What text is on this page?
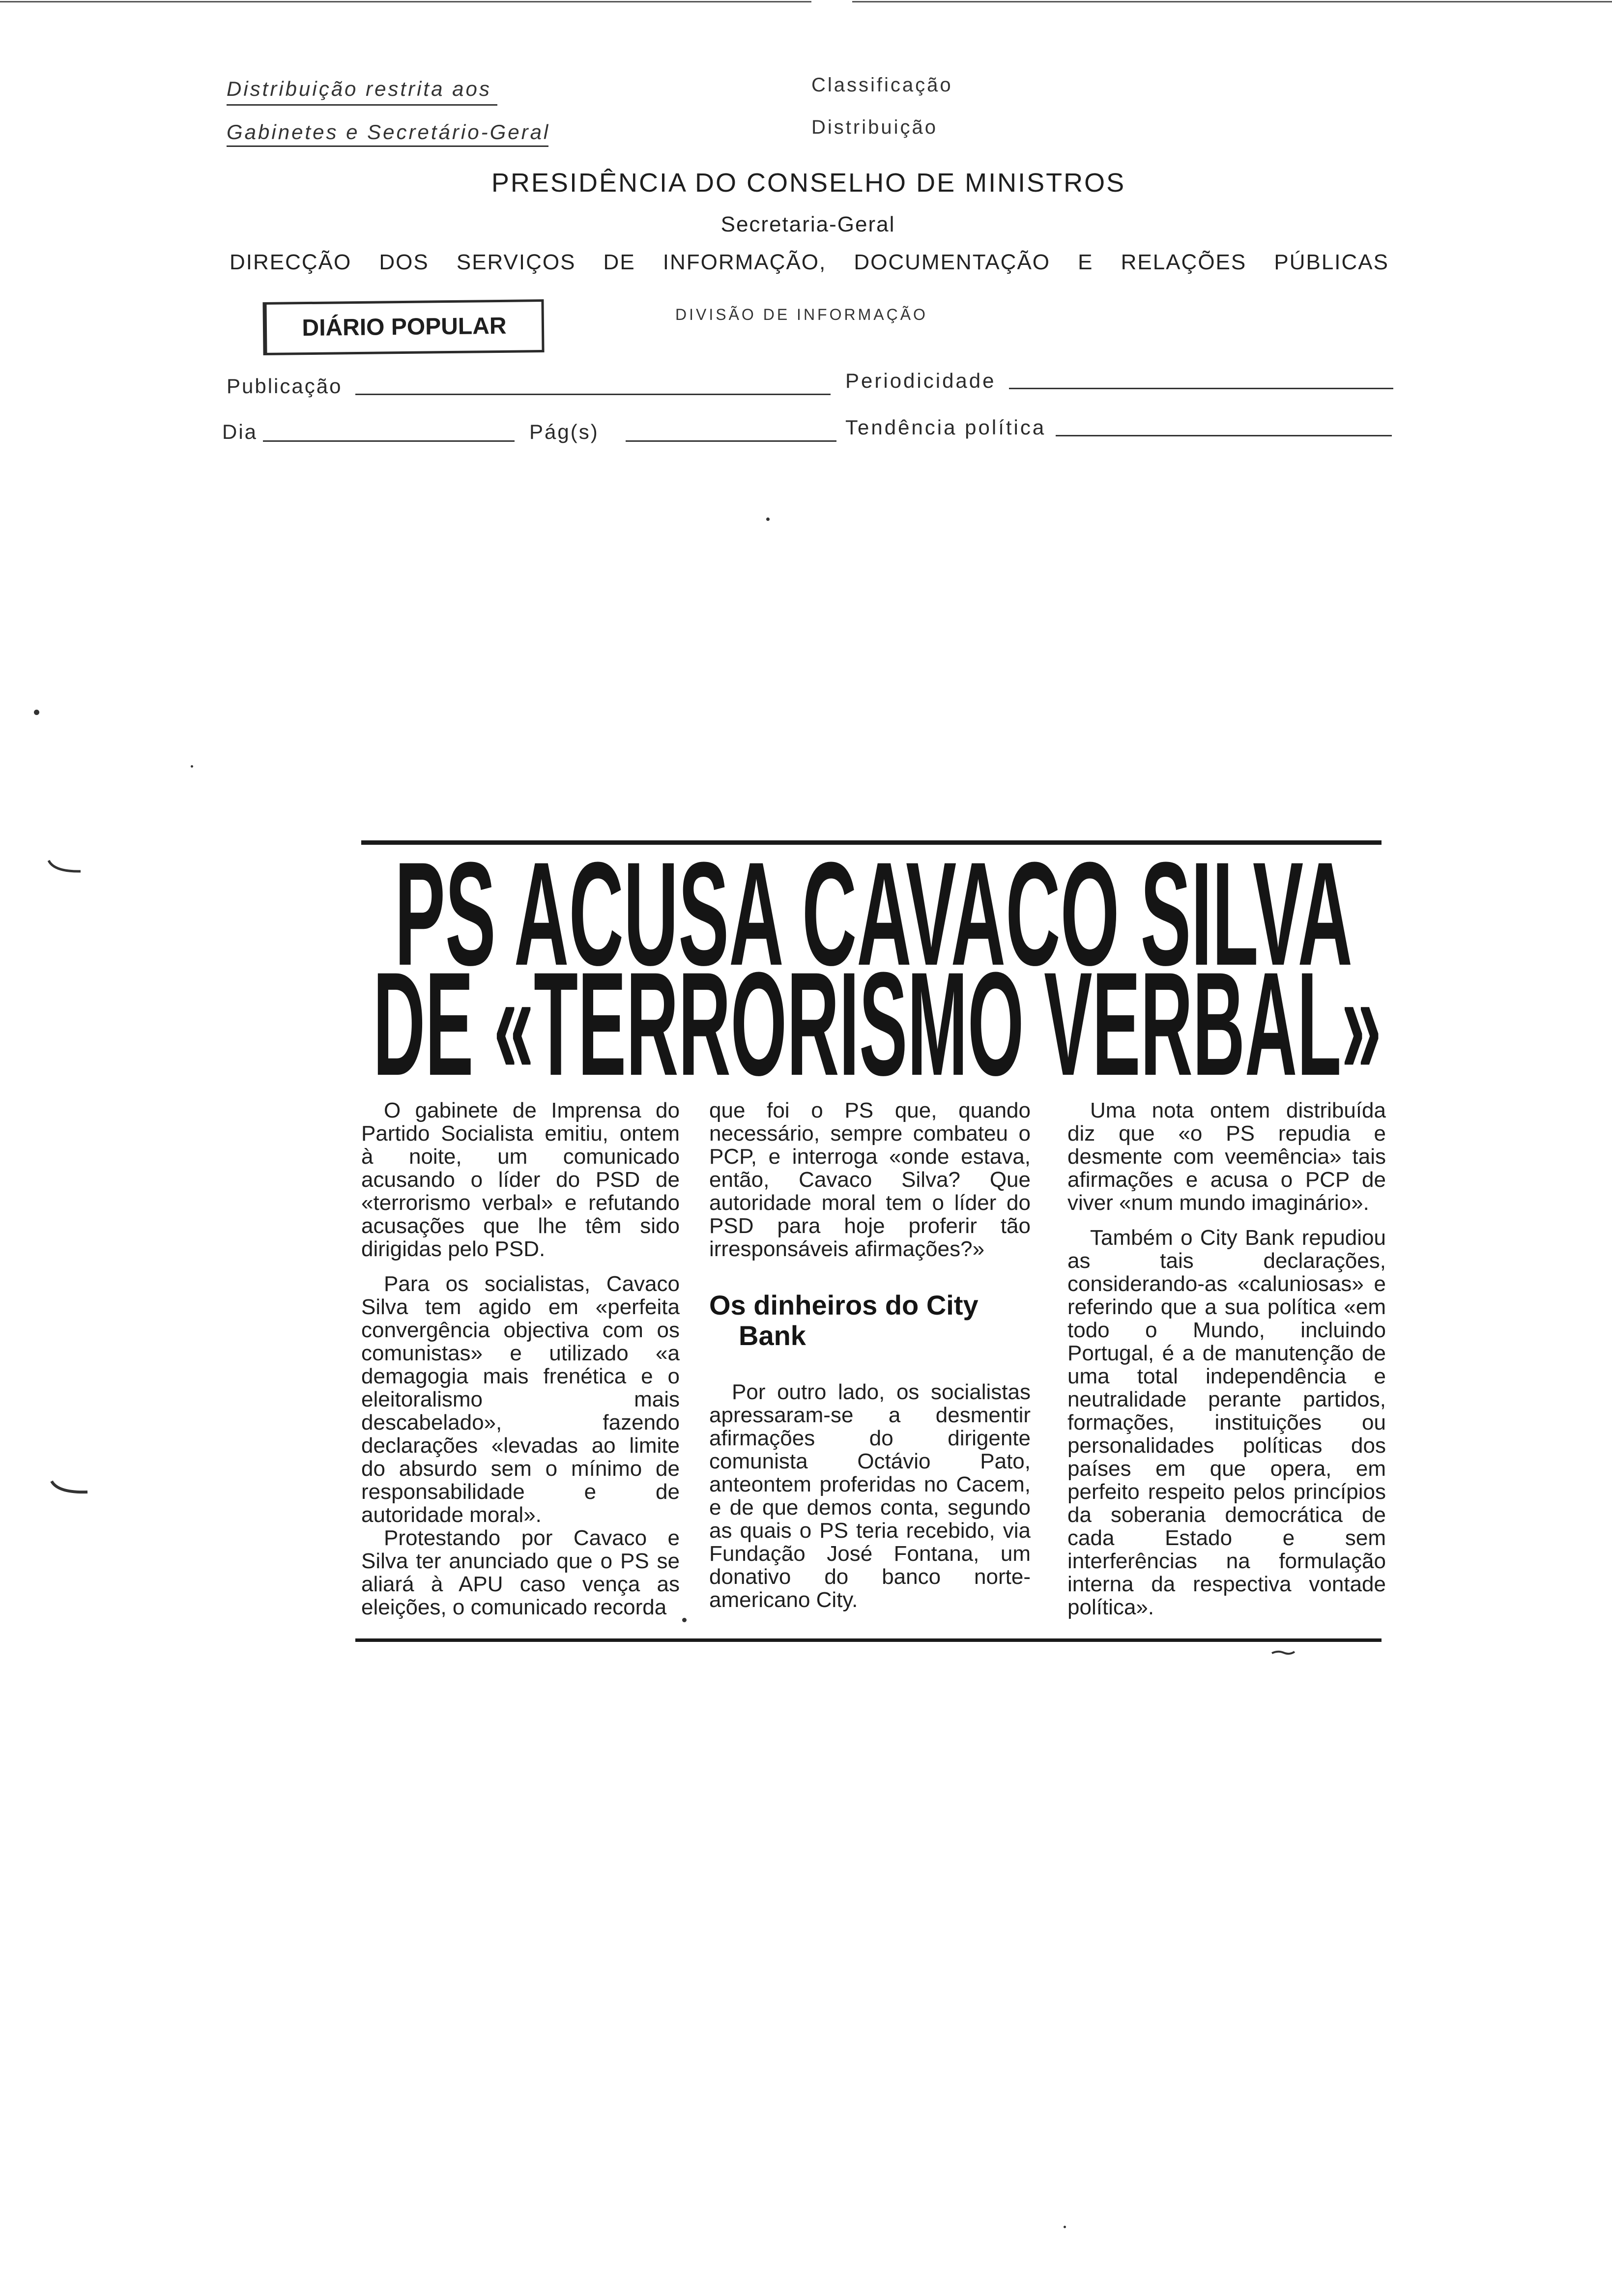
Distribuição restrita aos
Gabinetes e Secretário-Geral
Classificação
Distribuição
PRESIDÊNCIA DO CONSELHO DE MINISTROS
Secretaria-Geral
DIRECÇÃO DOS SERVIÇOS DE INFORMAÇÃO, DOCUMENTAÇÃO E RELAÇÕES PÚBLICAS
DIÁRIO POPULAR	DIVISÃO DE INFORMAÇÃO
Publicação	Periodicidade
Dia	Pág(s)	Tendência política
PS ACUSA CAVACO SILVA
DE «TERRORISMO VERBAL»

O gabinete de Imprensa do Partido Socialista emitiu, ontem à noite, um comunicado acusando o líder do PSD de «terrorismo verbal» e refutando acusações que lhe têm sido dirigidas pelo PSD.

Para os socialistas, Cavaco Silva tem agido em «perfeita convergência objectiva com os comunistas» e utilizado «a demagogia mais frenética e o eleitoralismo mais descabelado», fazendo declarações «levadas ao limite do absurdo sem o mínimo de responsabilidade e de autoridade moral».

Protestando por Cavaco e Silva ter anunciado que o PS se aliará à APU caso vença as eleições, o comunicado recorda

que foi o PS que, quando necessário, sempre combateu o PCP, e interroga «onde estava, então, Cavaco Silva? Que autoridade moral tem o líder do PSD para hoje proferir tão irresponsáveis afirmações?»

Os dinheiros do City Bank

Por outro lado, os socialistas apressaram-se a desmentir afirmações do dirigente comunista Octávio Pato, anteontem proferidas no Cacem, e de que demos conta, segundo as quais o PS teria recebido, via Fundação José Fontana, um donativo do banco norte-americano City.

Uma nota ontem distribuída diz que «o PS repudia e desmente com veemência» tais afirmações e acusa o PCP de viver «num mundo imaginário».

Também o City Bank repudiou as tais declarações, considerando-as «caluniosas» e referindo que a sua política «em todo o Mundo, incluindo Portugal, é a de manutenção de uma total independência e neutralidade perante partidos, formações, instituições ou personalidades políticas dos países em que opera, em perfeito respeito pelos princípios da soberania democrática de cada Estado e sem interferências na formulação interna da respectiva vontade política».
